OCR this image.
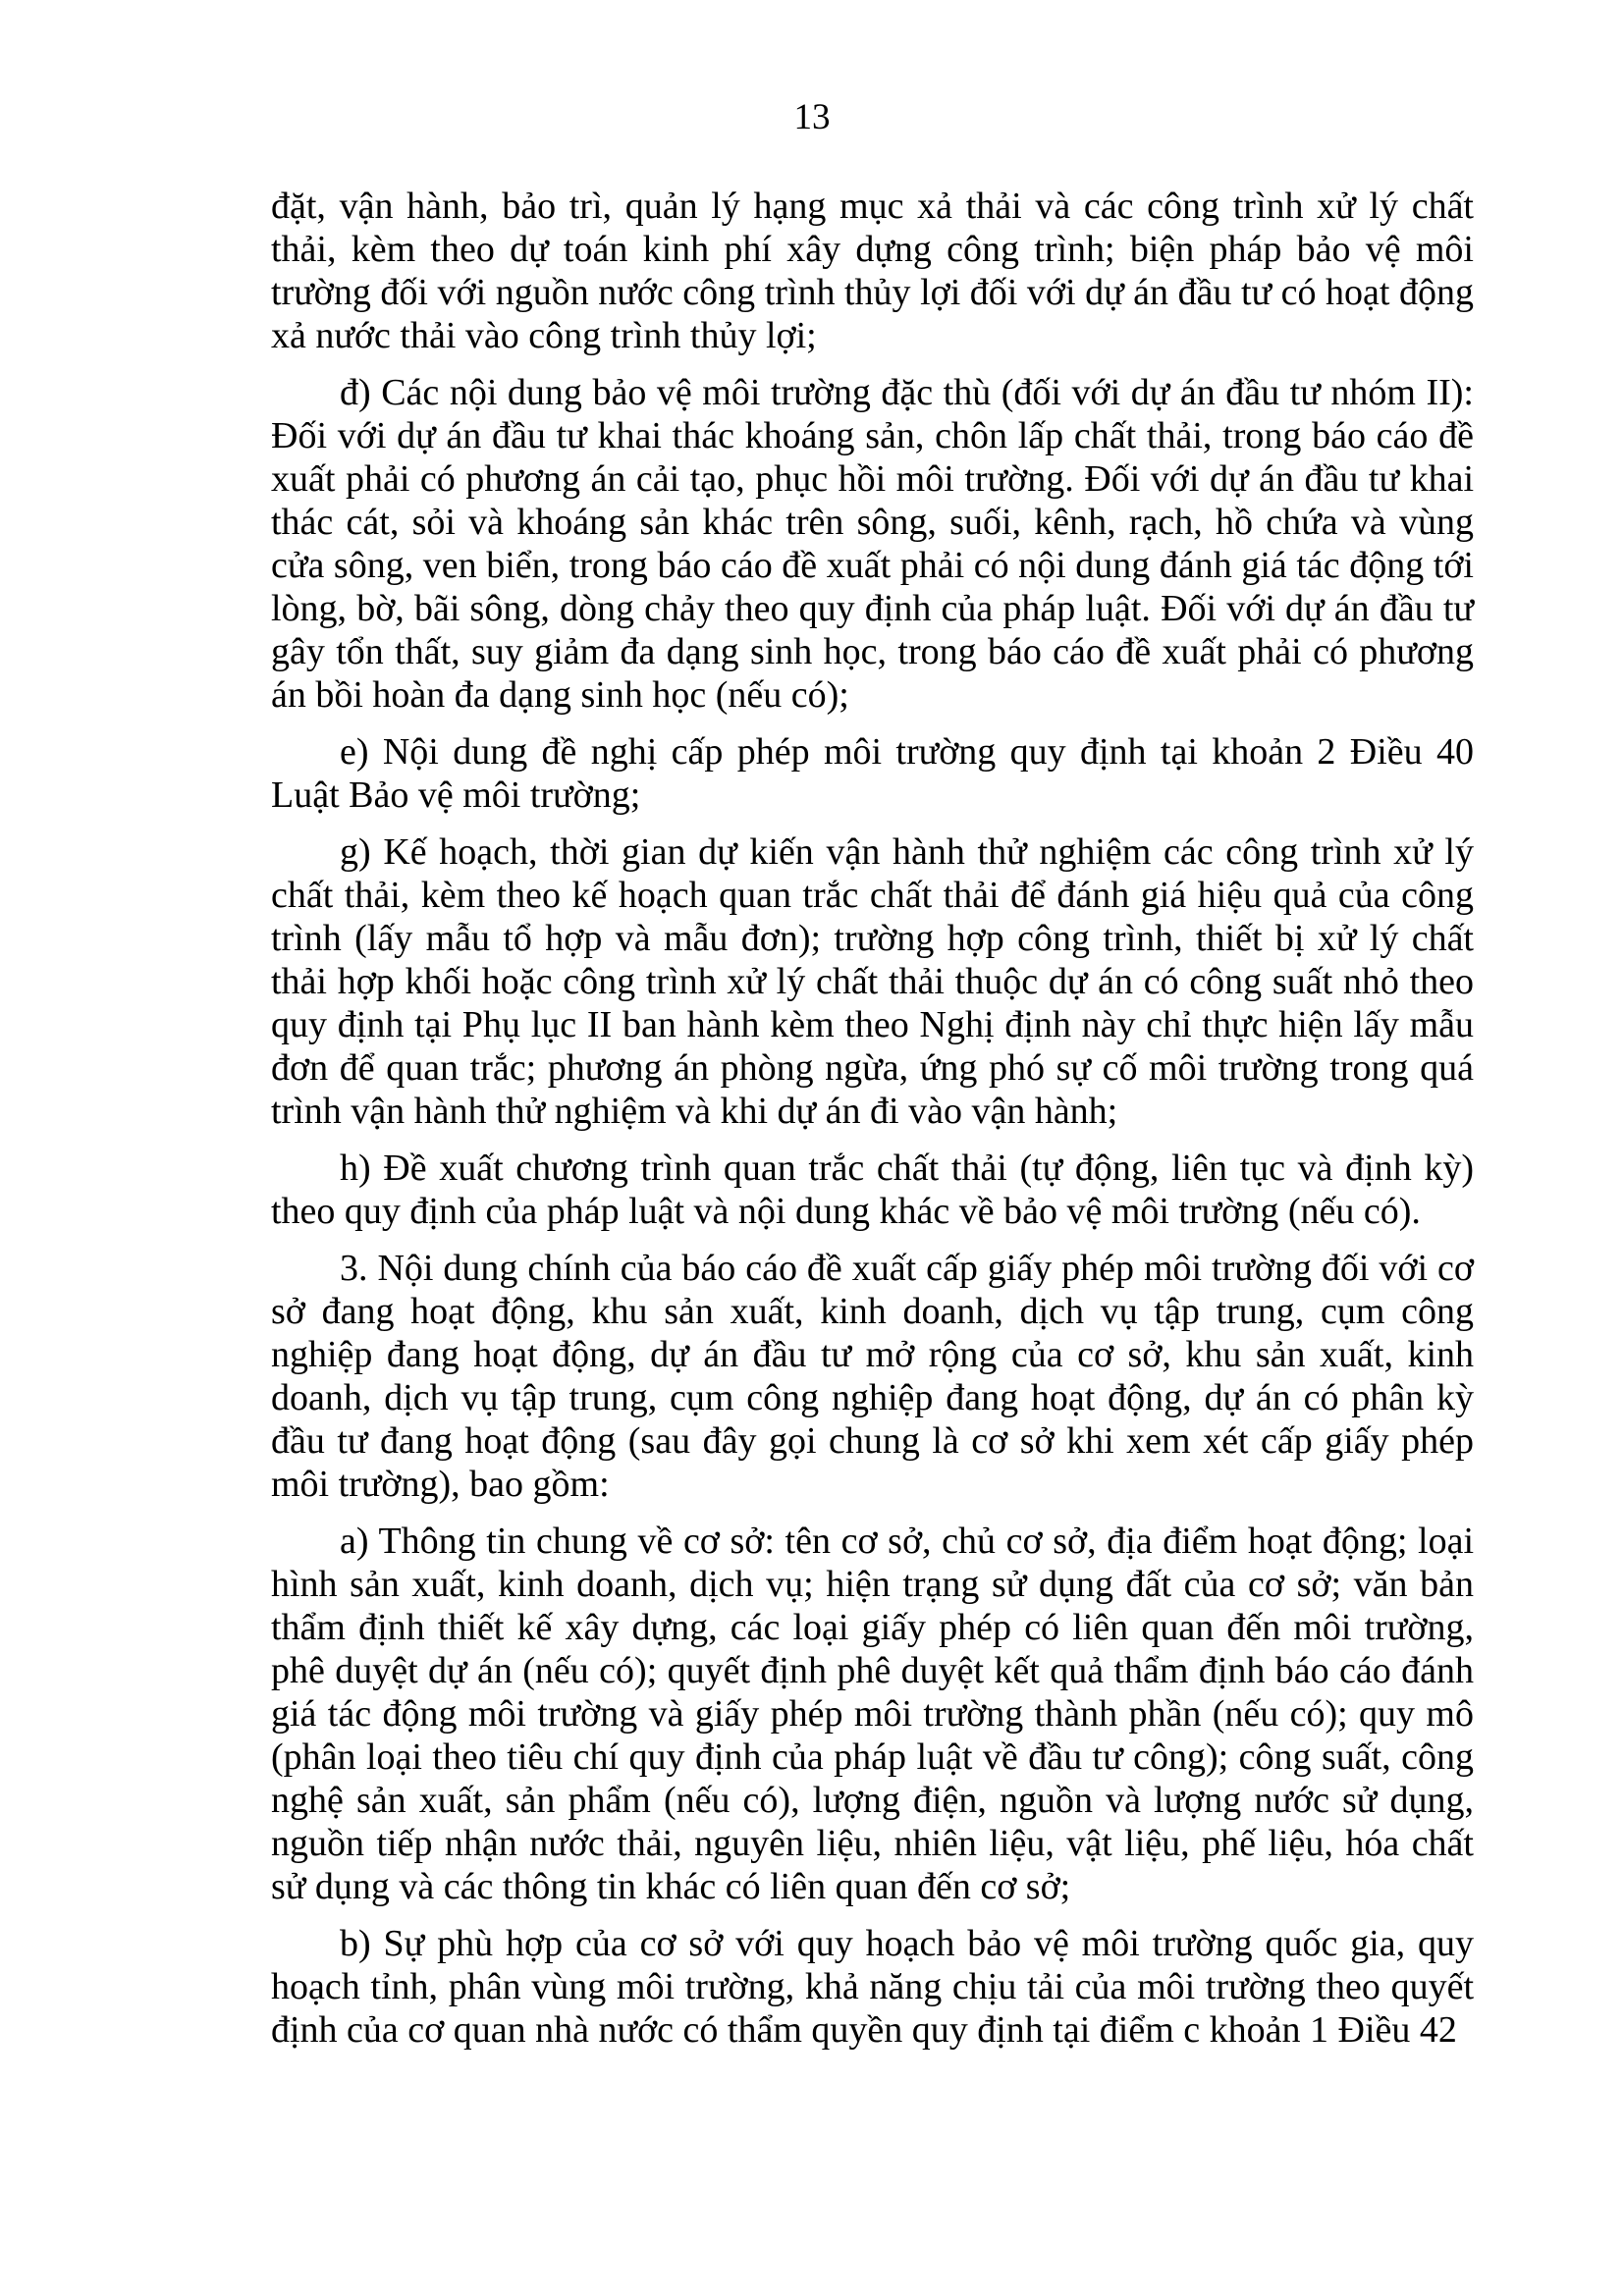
13

đặt, vận hành, bảo trì, quản lý hạng mục xả thải và các công trình xử lý chất thải, kèm theo dự toán kinh phí xây dựng công trình; biện pháp bảo vệ môi trường đối với nguồn nước công trình thủy lợi đối với dự án đầu tư có hoạt động xả nước thải vào công trình thủy lợi;

đ) Các nội dung bảo vệ môi trường đặc thù (đối với dự án đầu tư nhóm II): Đối với dự án đầu tư khai thác khoáng sản, chôn lấp chất thải, trong báo cáo đề xuất phải có phương án cải tạo, phục hồi môi trường. Đối với dự án đầu tư khai thác cát, sỏi và khoáng sản khác trên sông, suối, kênh, rạch, hồ chứa và vùng cửa sông, ven biển, trong báo cáo đề xuất phải có nội dung đánh giá tác động tới lòng, bờ, bãi sông, dòng chảy theo quy định của pháp luật. Đối với dự án đầu tư gây tổn thất, suy giảm đa dạng sinh học, trong báo cáo đề xuất phải có phương án bồi hoàn đa dạng sinh học (nếu có);

e) Nội dung đề nghị cấp phép môi trường quy định tại khoản 2 Điều 40 Luật Bảo vệ môi trường;

g) Kế hoạch, thời gian dự kiến vận hành thử nghiệm các công trình xử lý chất thải, kèm theo kế hoạch quan trắc chất thải để đánh giá hiệu quả của công trình (lấy mẫu tổ hợp và mẫu đơn); trường hợp công trình, thiết bị xử lý chất thải hợp khối hoặc công trình xử lý chất thải thuộc dự án có công suất nhỏ theo quy định tại Phụ lục II ban hành kèm theo Nghị định này chỉ thực hiện lấy mẫu đơn để quan trắc; phương án phòng ngừa, ứng phó sự cố môi trường trong quá trình vận hành thử nghiệm và khi dự án đi vào vận hành;

h) Đề xuất chương trình quan trắc chất thải (tự động, liên tục và định kỳ) theo quy định của pháp luật và nội dung khác về bảo vệ môi trường (nếu có).

3. Nội dung chính của báo cáo đề xuất cấp giấy phép môi trường đối với cơ sở đang hoạt động, khu sản xuất, kinh doanh, dịch vụ tập trung, cụm công nghiệp đang hoạt động, dự án đầu tư mở rộng của cơ sở, khu sản xuất, kinh doanh, dịch vụ tập trung, cụm công nghiệp đang hoạt động, dự án có phân kỳ đầu tư đang hoạt động (sau đây gọi chung là cơ sở khi xem xét cấp giấy phép môi trường), bao gồm:

a) Thông tin chung về cơ sở: tên cơ sở, chủ cơ sở, địa điểm hoạt động; loại hình sản xuất, kinh doanh, dịch vụ; hiện trạng sử dụng đất của cơ sở; văn bản thẩm định thiết kế xây dựng, các loại giấy phép có liên quan đến môi trường, phê duyệt dự án (nếu có); quyết định phê duyệt kết quả thẩm định báo cáo đánh giá tác động môi trường và giấy phép môi trường thành phần (nếu có); quy mô (phân loại theo tiêu chí quy định của pháp luật về đầu tư công); công suất, công nghệ sản xuất, sản phẩm (nếu có), lượng điện, nguồn và lượng nước sử dụng, nguồn tiếp nhận nước thải, nguyên liệu, nhiên liệu, vật liệu, phế liệu, hóa chất sử dụng và các thông tin khác có liên quan đến cơ sở;

b) Sự phù hợp của cơ sở với quy hoạch bảo vệ môi trường quốc gia, quy hoạch tỉnh, phân vùng môi trường, khả năng chịu tải của môi trường theo quyết định của cơ quan nhà nước có thẩm quyền quy định tại điểm c khoản 1 Điều 42
